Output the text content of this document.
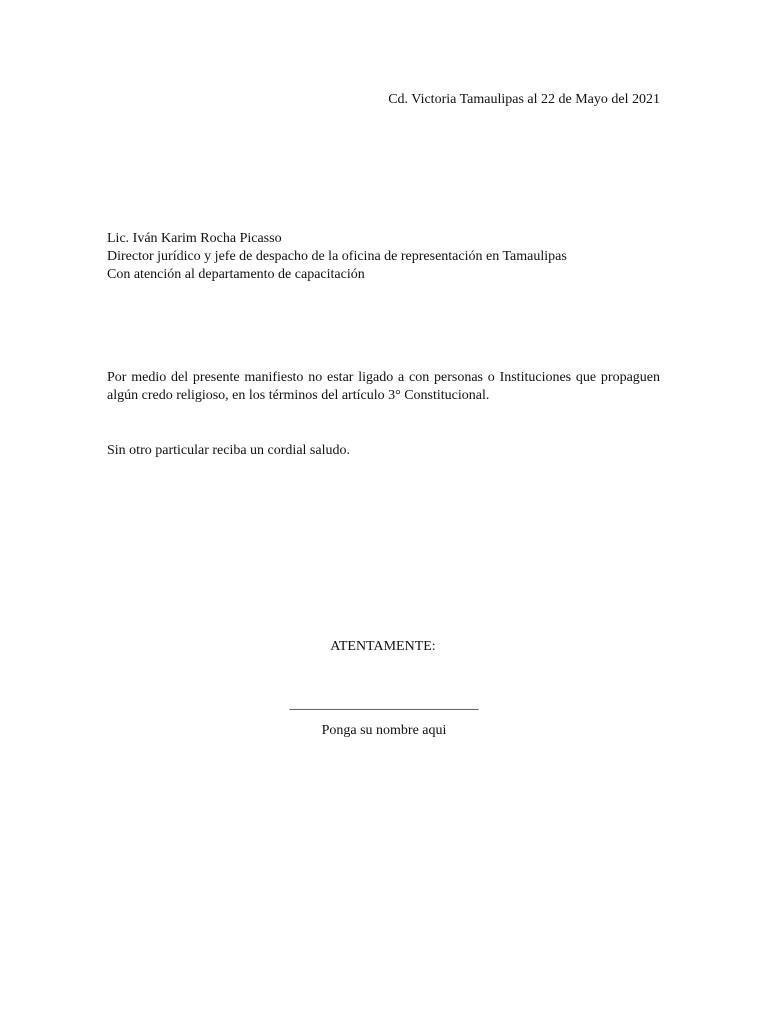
Cd. Victoria Tamaulipas al 22 de Mayo del 2021
Lic. Iván Karim Rocha Picasso
Director jurídico y jefe de despacho de la oficina de representación en Tamaulipas
Con atención al departamento de capacitación
Por medio del presente manifiesto no estar ligado a con personas o Instituciones que propaguen algún credo religioso, en los términos del artículo 3° Constitucional.
Sin otro particular reciba un cordial saludo.
ATENTAMENTE:
___________________________
Ponga su nombre aqui
